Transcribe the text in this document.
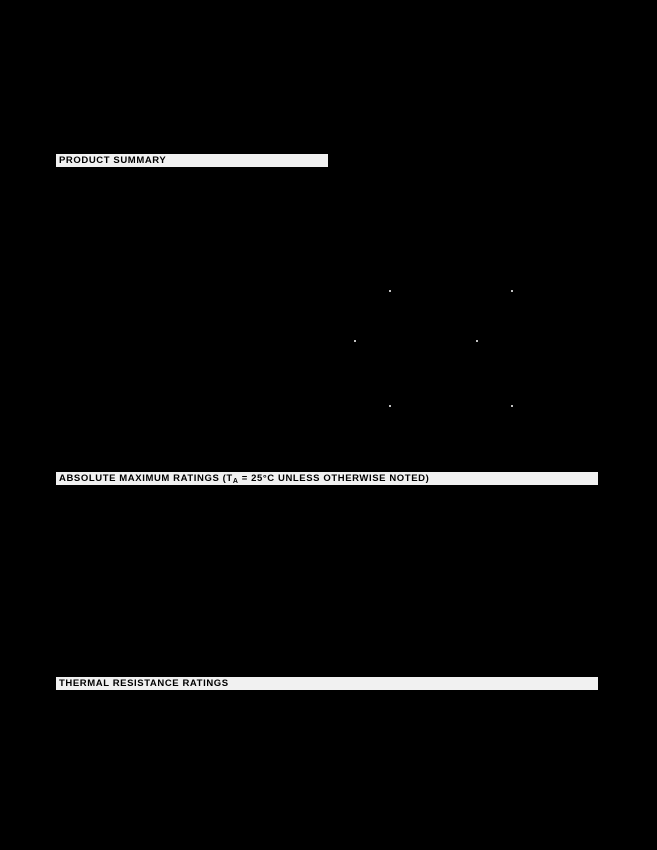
PRODUCT SUMMARY
ABSOLUTE MAXIMUM RATINGS ($T_A = 25^\circ C$ UNLESS OTHERWISE NOTED)
THERMAL RESISTANCE RATINGS
